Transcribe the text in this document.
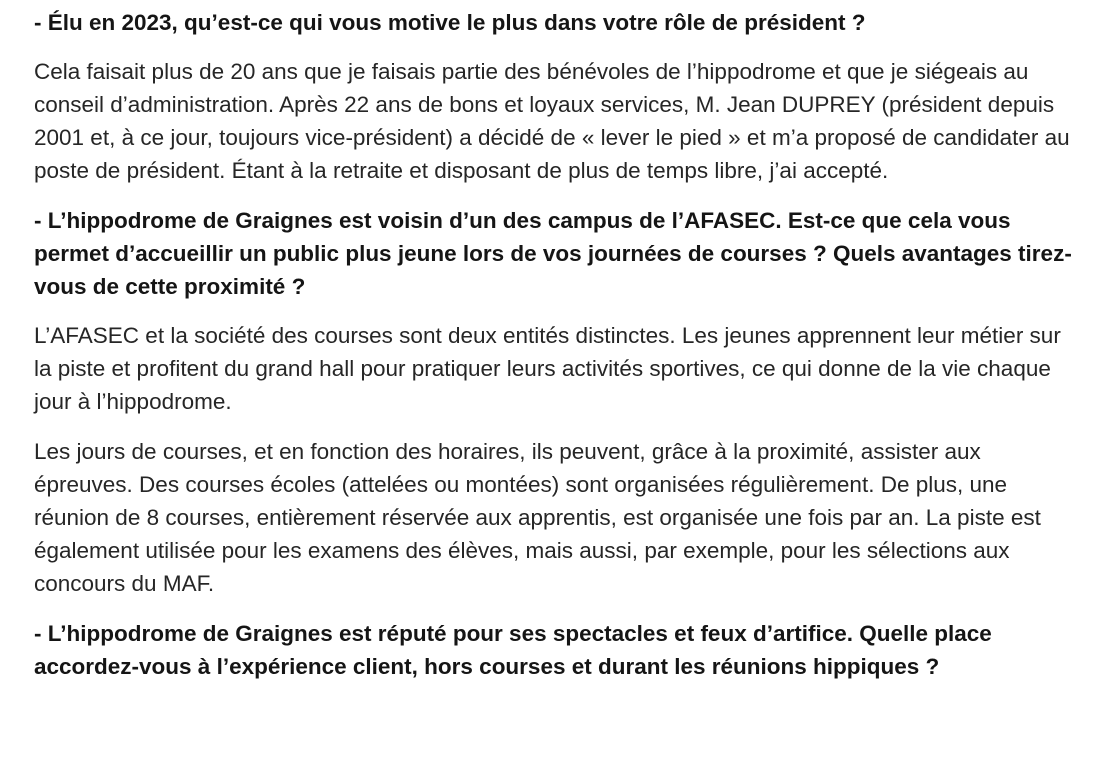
- Élu en 2023, qu’est-ce qui vous motive le plus dans votre rôle de président ?

Cela faisait plus de 20 ans que je faisais partie des bénévoles de l’hippodrome et que je siégeais au conseil d’administration. Après 22 ans de bons et loyaux services, M. Jean DUPREY (président depuis 2001 et, à ce jour, toujours vice-président) a décidé de « lever le pied » et m’a proposé de candidater au poste de président. Étant à la retraite et disposant de plus de temps libre, j’ai accepté.

- L’hippodrome de Graignes est voisin d’un des campus de l’AFASEC. Est-ce que cela vous permet d’accueillir un public plus jeune lors de vos journées de courses ? Quels avantages tirez-vous de cette proximité ?

L’AFASEC et la société des courses sont deux entités distinctes. Les jeunes apprennent leur métier sur la piste et profitent du grand hall pour pratiquer leurs activités sportives, ce qui donne de la vie chaque jour à l’hippodrome.

Les jours de courses, et en fonction des horaires, ils peuvent, grâce à la proximité, assister aux épreuves. Des courses écoles (attelées ou montées) sont organisées régulièrement. De plus, une réunion de 8 courses, entièrement réservée aux apprentis, est organisée une fois par an. La piste est également utilisée pour les examens des élèves, mais aussi, par exemple, pour les sélections aux concours du MAF.

- L’hippodrome de Graignes est réputé pour ses spectacles et feux d’artifice. Quelle place accordez-vous à l’expérience client, hors courses et durant les réunions hippiques ?
